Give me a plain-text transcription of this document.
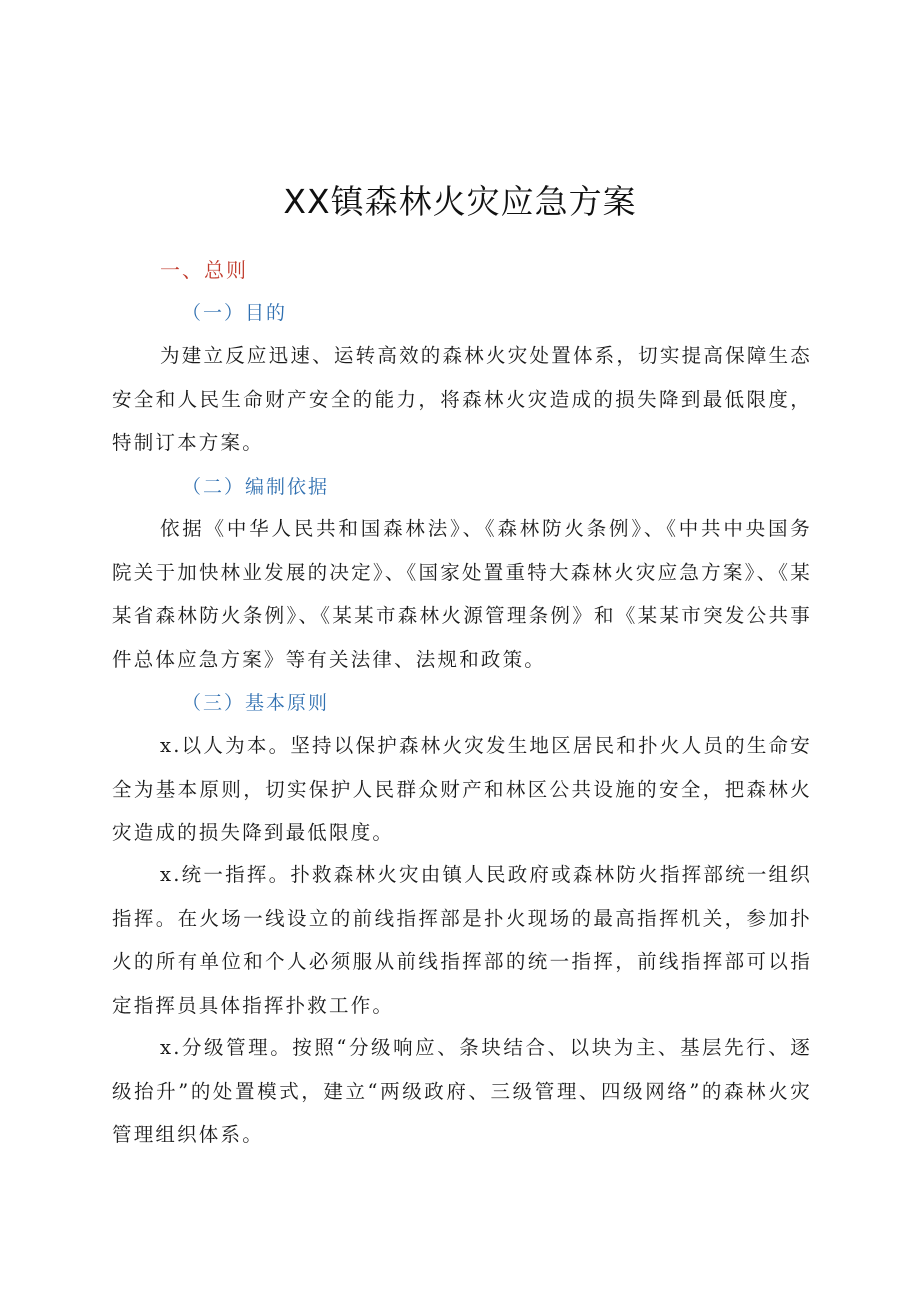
XX镇森林火灾应急方案
一、总则
（一）目的

为建立反应迅速、运转高效的森林火灾处置体系，切实提高保障生态安全和人民生命财产安全的能力，将森林火灾造成的损失降到最低限度，特制订本方案。

（二）编制依据

依据《中华人民共和国森林法》、《森林防火条例》、《中共中央国务院关于加快林业发展的决定》、《国家处置重特大森林火灾应急方案》、《某某省森林防火条例》、《某某市森林火源管理条例》和《某某市突发公共事件总体应急方案》等有关法律、法规和政策。

（三）基本原则

x.以人为本。坚持以保护森林火灾发生地区居民和扑火人员的生命安全为基本原则，切实保护人民群众财产和林区公共设施的安全，把森林火灾造成的损失降到最低限度。

x.统一指挥。扑救森林火灾由镇人民政府或森林防火指挥部统一组织指挥。在火场一线设立的前线指挥部是扑火现场的最高指挥机关，参加扑火的所有单位和个人必须服从前线指挥部的统一指挥，前线指挥部可以指定指挥员具体指挥扑救工作。

x.分级管理。按照“分级响应、条块结合、以块为主、基层先行、逐级抬升”的处置模式，建立“两级政府、三级管理、四级网络”的森林火灾管理组织体系。
